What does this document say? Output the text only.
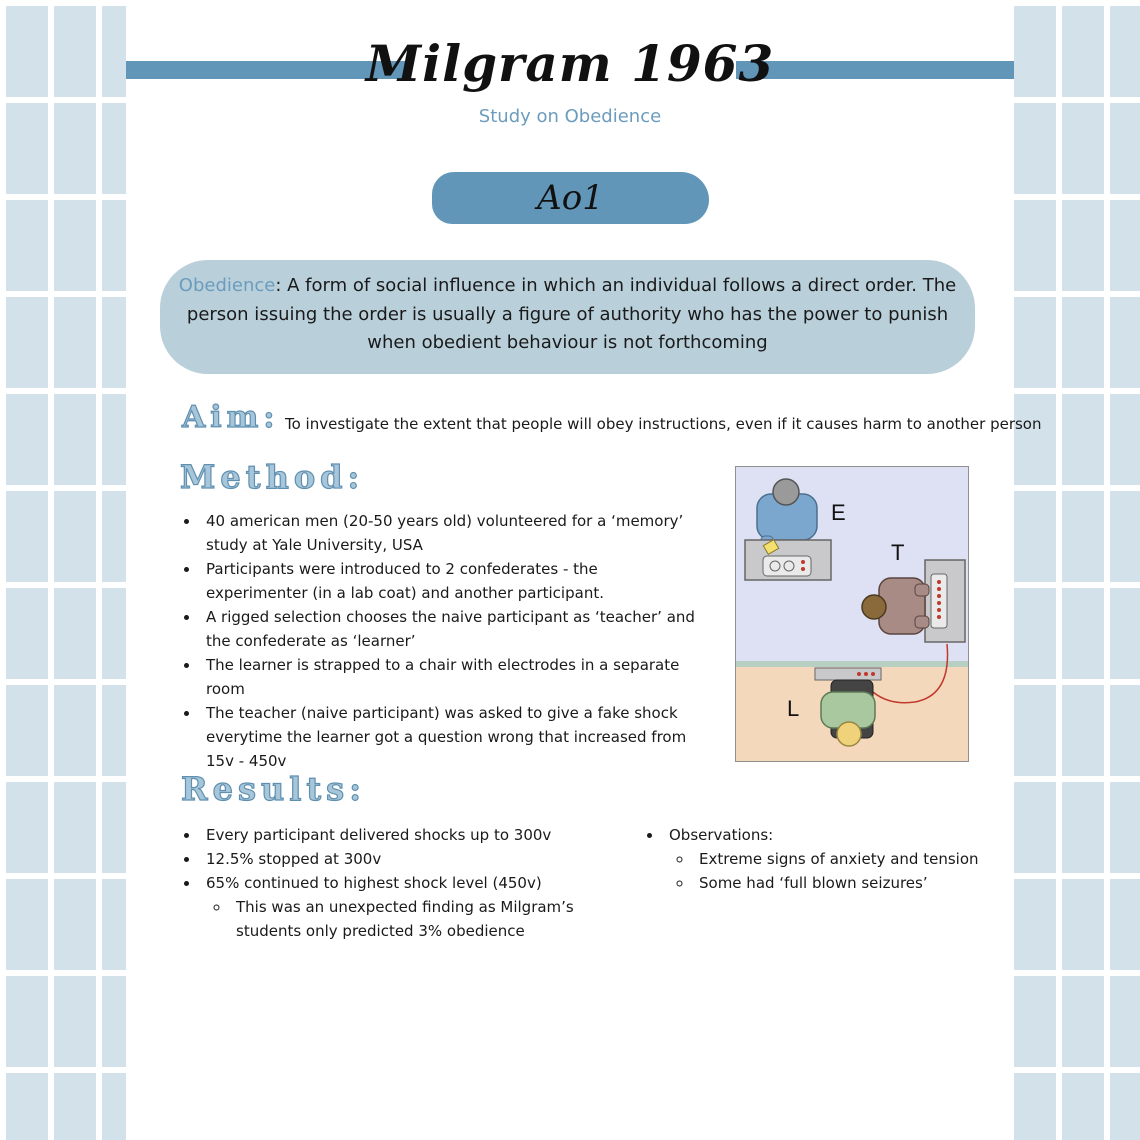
Milgram 1963
Study on Obedience
Ao1
Obedience: A form of social influence in which an individual follows a direct order. The person issuing the order is usually a figure of authority who has the power to punish when obedient behaviour is not forthcoming
Aim: To investigate the extent that people will obey instructions, even if it causes harm to another person
Method:
• 40 american men (20-50 years old) volunteered for a ‘memory’ study at Yale University, USA
• Participants were introduced to 2 confederates - the experimenter (in a lab coat) and another participant.
• A rigged selection chooses the naive participant as ‘teacher’ and the confederate as ‘learner’
• The learner is strapped to a chair with electrodes in a separate room
• The teacher (naive participant) was asked to give a fake shock everytime the learner got a question wrong that increased from 15v - 450v
E
T
L
Results:
• Every participant delivered shocks up to 300v
• 12.5% stopped at 300v
• 65% continued to highest shock level (450v)
◦ This was an unexpected finding as Milgram’s students only predicted 3% obedience
• Observations:
◦ Extreme signs of anxiety and tension
◦ Some had ‘full blown seizures’
